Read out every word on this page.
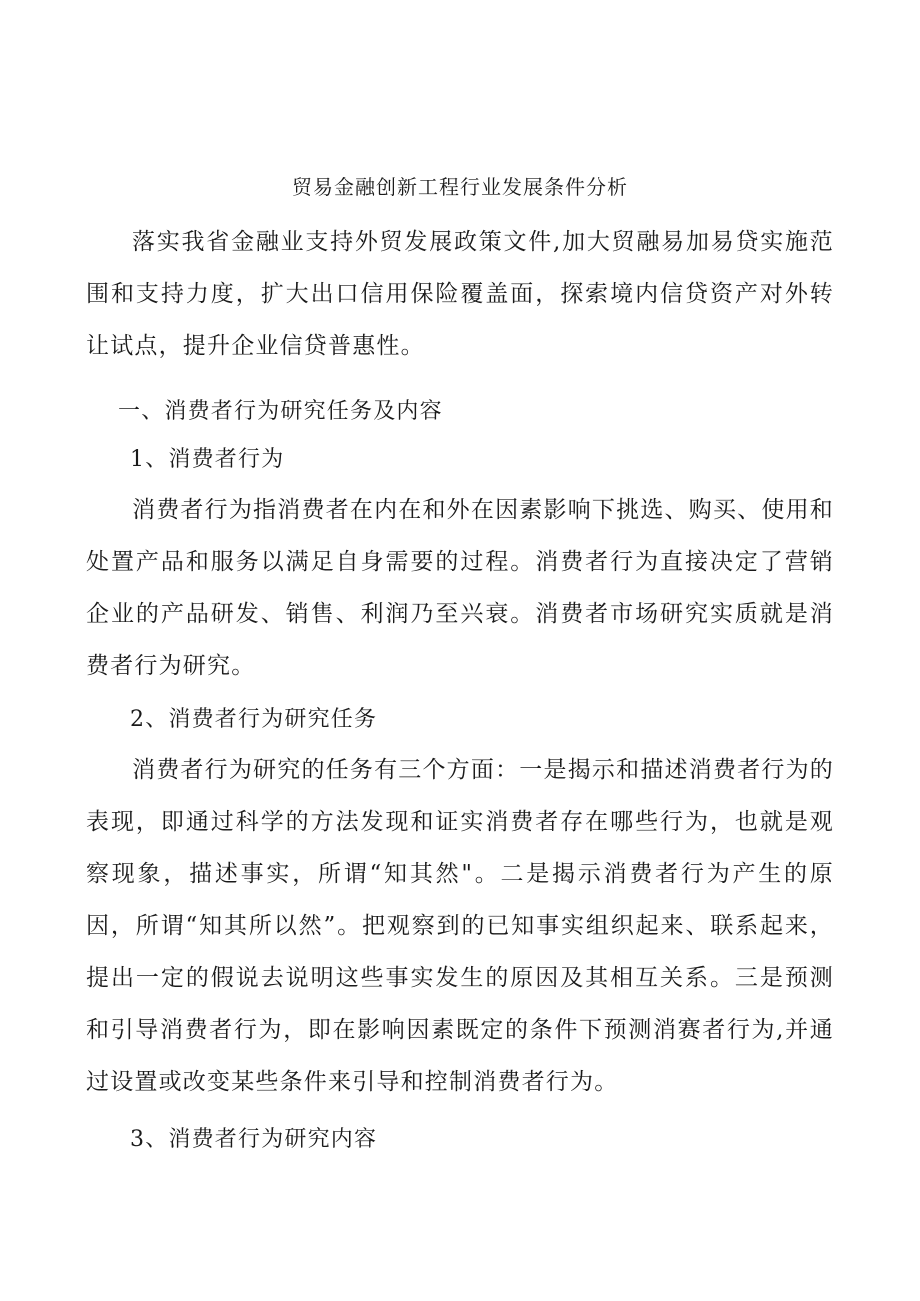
贸易金融创新工程行业发展条件分析

落实我省金融业支持外贸发展政策文件,加大贸融易加易贷实施范围和支持力度，扩大出口信用保险覆盖面，探索境内信贷资产对外转让试点，提升企业信贷普惠性。

一、消费者行为研究任务及内容
1、消费者行为

消费者行为指消费者在内在和外在因素影响下挑选、购买、使用和处置产品和服务以满足自身需要的过程。消费者行为直接决定了营销企业的产品研发、销售、利润乃至兴衰。消费者市场研究实质就是消费者行为研究。

2、消费者行为研究任务

消费者行为研究的任务有三个方面：一是揭示和描述消费者行为的表现，即通过科学的方法发现和证实消费者存在哪些行为，也就是观察现象，描述事实，所谓“知其然"。二是揭示消费者行为产生的原因，所谓“知其所以然”。把观察到的已知事实组织起来、联系起来，提出一定的假说去说明这些事实发生的原因及其相互关系。三是预测和引导消费者行为，即在影响因素既定的条件下预测消赛者行为,并通过设置或改变某些条件来引导和控制消费者行为。

3、消费者行为研究内容
